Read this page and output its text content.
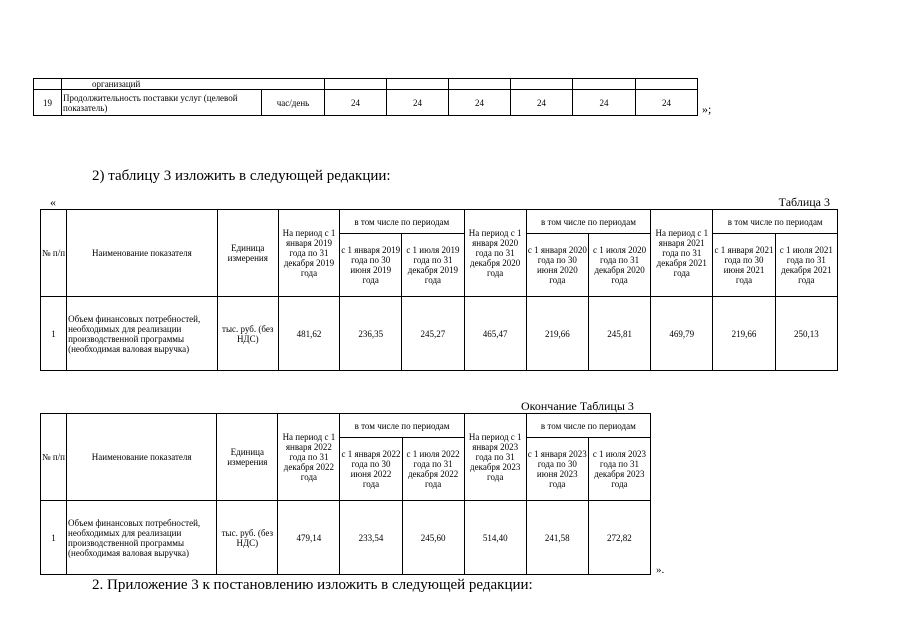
	организаций							
19	Продолжительность поставки услуг (целевой показатель)	час/день	24	24	24	24	24	24	»;
2) таблицу 3 изложить в следующей редакции:
«	Таблица 3
№ п/п	Наименование показателя	Единица измерения	На период с 1 января 2019 года по 31 декабря 2019 года	в том числе по периодам		На период с 1 января 2020 года по 31 декабря 2020 года	в том числе по периодам		На период с 1 января 2021 года по 31 декабря 2021 года	в том числе по периодам	
				с 1 января 2019 года по 30 июня 2019 года	с 1 июля 2019 года по 31 декабря 2019 года		с 1 января 2020 года по 30 июня 2020 года	с 1 июля 2020 года по 31 декабря 2020 года		с 1 января 2021 года по 30 июня 2021 года	с 1 июля 2021 года по 31 декабря 2021 года
1	Объем финансовых потребностей, необходимых для реализации производственной программы (необходимая валовая выручка)	тыс. руб. (без НДС)	481,62	236,35	245,27	465,47	219,66	245,81	469,79	219,66	250,13
Окончание Таблицы 3
№ п/п	Наименование показателя	Единица измерения	На период с 1 января 2022 года по 31 декабря 2022 года	в том числе по периодам		На период с 1 января 2023 года по 31 декабря 2023 года	в том числе по периодам	
				с 1 января 2022 года по 30 июня 2022 года	с 1 июля 2022 года по 31 декабря 2022 года		с 1 января 2023 года по 30 июня 2023 года	с 1 июля 2023 года по 31 декабря 2023 года
1	Объем финансовых потребностей, необходимых для реализации производственной программы (необходимая валовая выручка)	тыс. руб. (без НДС)	479,14	233,54	245,60	514,40	241,58	272,82
».
2. Приложение 3 к постановлению изложить в следующей редакции:
